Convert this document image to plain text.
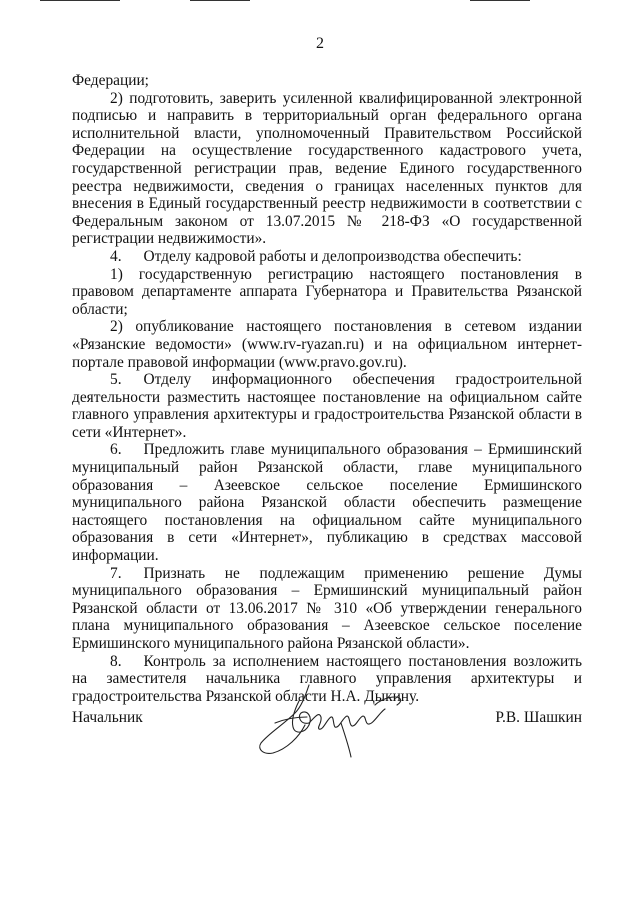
2

Федерации;

2) подготовить, заверить усиленной квалифицированной электронной подписью и направить в территориальный орган федерального органа исполнительной власти, уполномоченный Правительством Российской Федерации на осуществление государственного кадастрового учета, государственной регистрации прав, ведение Единого государственного реестра недвижимости, сведения о границах населенных пунктов для внесения в Единый государственный реестр недвижимости в соответствии с Федеральным законом от 13.07.2015 № 218-ФЗ «О государственной регистрации недвижимости».

4. Отделу кадровой работы и делопроизводства обеспечить:

1) государственную регистрацию настоящего постановления в правовом департаменте аппарата Губернатора и Правительства Рязанской области;

2) опубликование настоящего постановления в сетевом издании «Рязанские ведомости» (www.rv-ryazan.ru) и на официальном интернет-портале правовой информации (www.pravo.gov.ru).

5. Отделу информационного обеспечения градостроительной деятельности разместить настоящее постановление на официальном сайте главного управления архитектуры и градостроительства Рязанской области в сети «Интернет».

6. Предложить главе муниципального образования – Ермишинский муниципальный район Рязанской области, главе муниципального образования – Азеевское сельское поселение Ермишинского муниципального района Рязанской области обеспечить размещение настоящего постановления на официальном сайте муниципального образования в сети «Интернет», публикацию в средствах массовой информации.

7. Признать не подлежащим применению решение Думы муниципального образования – Ермишинский муниципальный район Рязанской области от 13.06.2017 № 310 «Об утверждении генерального плана муниципального образования – Азеевское сельское поселение Ермишинского муниципального района Рязанской области».

8. Контроль за исполнением настоящего постановления возложить на заместителя начальника главного управления архитектуры и градостроительства Рязанской области Н.А. Дыкину.

Начальник	Р.В. Шашкин
